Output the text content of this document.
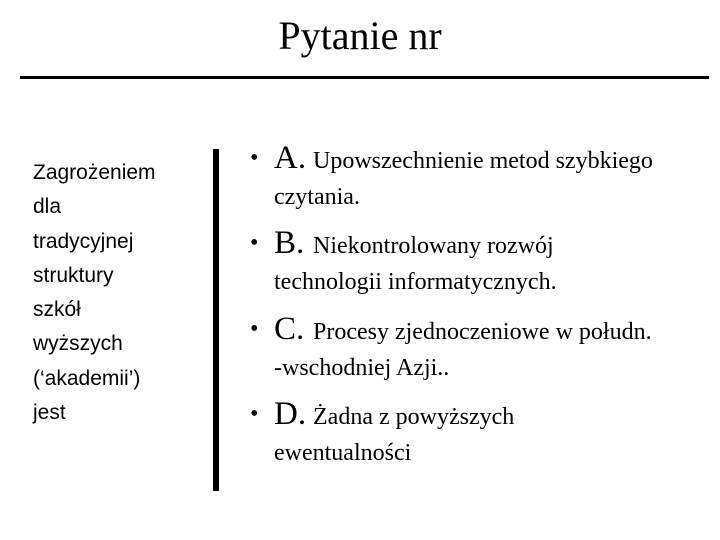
Pytanie nr
Zagrożeniem
dla
tradycyjnej
struktury
szkół
wyższych
(‘akademii’)
jest
• A. Upowszechnienie metod szybkiego
czytania.
• B. Niekontrolowany rozwój
technologii informatycznych.
• C. Procesy zjednoczeniowe w połudn.
-wschodniej Azji..
• D. Żadna z powyższych
ewentualności
